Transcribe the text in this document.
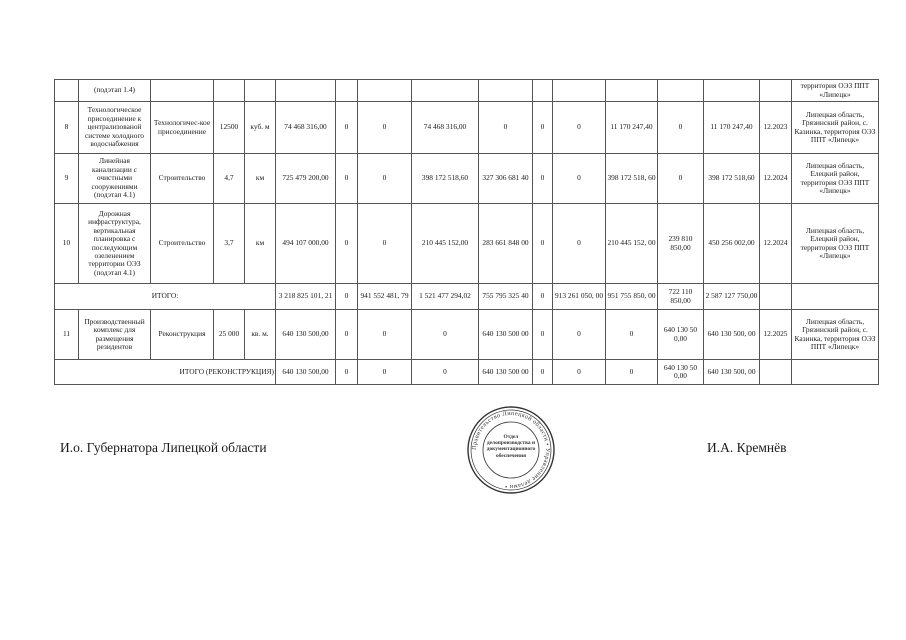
	(подэтап 1.4)															территория ОЭЗ ППТ «Липецк»
8	Технологическое присоединение к централизованой системе холодного водоснабжения	Технологичес-кое присоединение	12500	куб. м	74 468 316,00	0	0	74 468 316,00	0	0	0	11 170 247,40	0	11 170 247,40	12.2023	Липецкая область, Грязинский район, с. Казинка, территория ОЭЗ ППТ «Липецк»
9	Линейная канализации с очистными сооружениями (подэтап 4.1)	Строительство	4,7	км	725 479 200,00	0	0	398 172 518,60	327 306 681 40	0	0	398 172 518, 60	0	398 172 518,60	12.2024	Липецкая область, Елецкий район, территория ОЭЗ ППТ «Липецк»
10	Дорожная инфраструктура, вертикальная планировка с последующим озеленением территории ОЭЗ (подэтап 4.1)	Строительство	3,7	км	494 107 000,00	0	0	210 445 152,00	283 661 848 00	0	0	210 445 152, 00	239 810 850,00	450 256 002,00	12.2024	Липецкая область, Елецкий район, территория ОЭЗ ППТ «Липецк»
ИТОГО:					3 218 825 101, 21	0	941 552 481, 79	1 521 477 294,02	755 795 325 40	0	913 261 050, 00	951 755 850, 00	722 110 850,00	2 587 127 750,00		
11	Производственный комплекс для размещения резидентов	Реконструкция	25 000	кв. м.	640 130 500,00	0	0	0	640 130 500 00	0	0	0	640 130 50 0,00	640 130 500, 00	12.2025	Липецкая область, Грязинский район, с. Казинка, территория ОЭЗ ППТ «Липецк»
ИТОГО (РЕКОНСТРУКЦИЯ)					640 130 500,00	0	0	0	640 130 500 00	0	0	0	640 130 50 0,00	640 130 500, 00		
И.о. Губернатора Липецкой области	И.А. Кремнёв
Правительство Липецкой области • Управление делами •
Отдел делопроизводства и документационного обеспечения
